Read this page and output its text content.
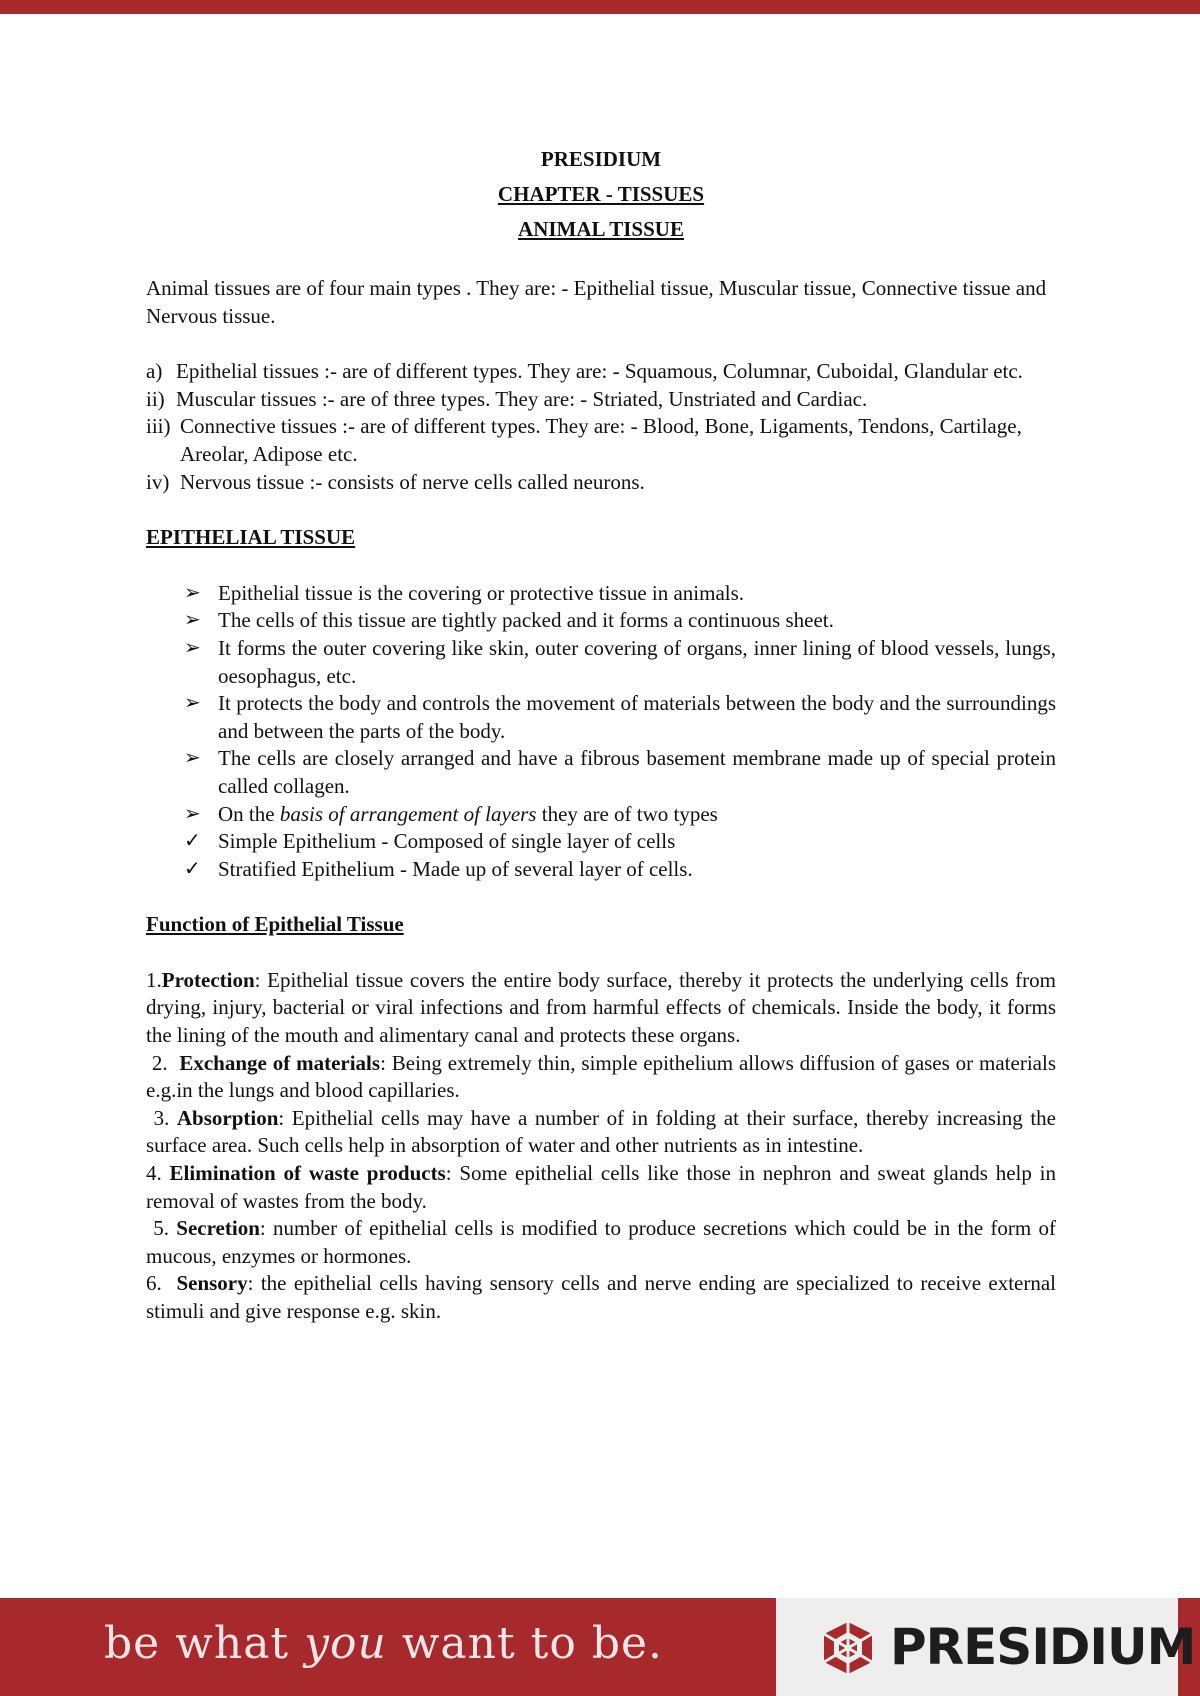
PRESIDIUM
CHAPTER - TISSUES
ANIMAL TISSUE

Animal tissues are of four main types . They are: - Epithelial tissue, Muscular tissue, Connective tissue and Nervous tissue.

a) Epithelial tissues :- are of different types. They are: - Squamous, Columnar, Cuboidal, Glandular etc.
ii) Muscular tissues :- are of three types. They are: - Striated, Unstriated and Cardiac.
iii) Connective tissues :- are of different types. They are: - Blood, Bone, Ligaments, Tendons, Cartilage, Areolar, Adipose etc.
iv) Nervous tissue :- consists of nerve cells called neurons.
EPITHELIAL TISSUE
➢ Epithelial tissue is the covering or protective tissue in animals.
➢ The cells of this tissue are tightly packed and it forms a continuous sheet.
➢ It forms the outer covering like skin, outer covering of organs, inner lining of blood vessels, lungs, oesophagus, etc.
➢ It protects the body and controls the movement of materials between the body and the surroundings and between the parts of the body.
➢ The cells are closely arranged and have a fibrous basement membrane made up of special protein called collagen.
➢ On the basis of arrangement of layers they are of two types
✓ Simple Epithelium - Composed of single layer of cells
✓ Stratified Epithelium - Made up of several layer of cells.
Function of Epithelial Tissue

1.Protection: Epithelial tissue covers the entire body surface, thereby it protects the underlying cells from drying, injury, bacterial or viral infections and from harmful effects of chemicals. Inside the body, it forms the lining of the mouth and alimentary canal and protects these organs.

2.  Exchange of materials: Being extremely thin, simple epithelium allows diffusion of gases or materials e.g.in the lungs and blood capillaries.

3. Absorption: Epithelial cells may have a number of in folding at their surface, thereby increasing the surface area. Such cells help in absorption of water and other nutrients as in intestine.

4. Elimination of waste products: Some epithelial cells like those in nephron and sweat glands help in removal of wastes from the body.

5. Secretion: number of epithelial cells is modified to produce secretions which could be in the form of mucous, enzymes or hormones.

6.  Sensory: the epithelial cells having sensory cells and nerve ending are specialized to receive external stimuli and give response e.g. skin.

be what you want to be.	PRESIDIUM
